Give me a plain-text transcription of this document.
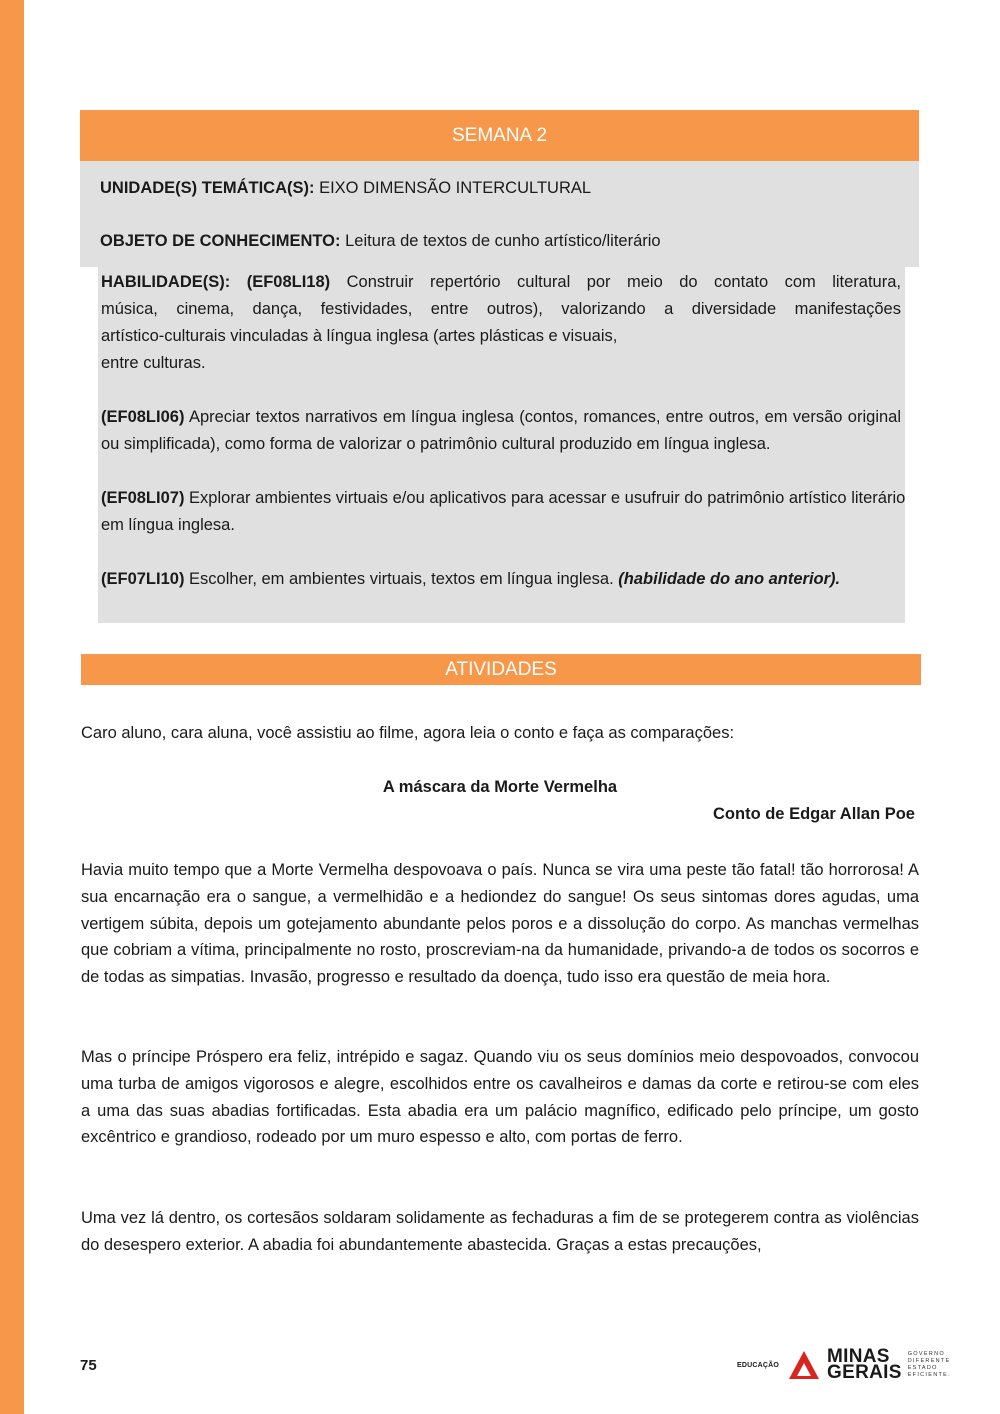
SEMANA 2
UNIDADE(S) TEMÁTICA(S): EIXO DIMENSÃO INTERCULTURAL
OBJETO DE CONHECIMENTO: Leitura de textos de cunho artístico/literário

HABILIDADE(S): (EF08LI18) Construir repertório cultural por meio do contato com literatura,

música, cinema, dança, festividades, entre outros), valorizando a diversidade manifestações

artístico-culturais vinculadas à língua inglesa (artes plásticas e visuais,

entre culturas.

(EF08LI06) Apreciar textos narrativos em língua inglesa (contos, romances, entre outros, em versão original ou simplificada), como forma de valorizar o patrimônio cultural produzido em língua inglesa.

(EF08LI07) Explorar ambientes virtuais e/ou aplicativos para acessar e usufruir do patrimônio artístico literário em língua inglesa.

(EF07LI10) Escolher, em ambientes virtuais, textos em língua inglesa. (habilidade do ano anterior).

ATIVIDADES
Caro aluno, cara aluna, você assistiu ao filme, agora leia o conto e faça as comparações:
A máscara da Morte Vermelha
Conto de Edgar Allan Poe

Havia muito tempo que a Morte Vermelha despovoava o país. Nunca se vira uma peste tão fatal! tão horrorosa! A sua encarnação era o sangue, a vermelhidão e a hediondez do sangue! Os seus sintomas dores agudas, uma vertigem súbita, depois um gotejamento abundante pelos poros e a dissolução do corpo. As manchas vermelhas que cobriam a vítima, principalmente no rosto, proscreviam-na da humanidade, privando-a de todos os socorros e de todas as simpatias. Invasão, progresso e resultado da doença, tudo isso era questão de meia hora.

Mas o príncipe Próspero era feliz, intrépido e sagaz. Quando viu os seus domínios meio despovoados, convocou uma turba de amigos vigorosos e alegre, escolhidos entre os cavalheiros e damas da corte e retirou-se com eles a uma das suas abadias fortificadas. Esta abadia era um palácio magnífico, edificado pelo príncipe, um gosto excêntrico e grandioso, rodeado por um muro espesso e alto, com portas de ferro.

Uma vez lá dentro, os cortesãos soldaram solidamente as fechaduras a fim de se protegerem contra as violências do desespero exterior. A abadia foi abundantemente abastecida. Graças a estas precauções,

75	EDUCAÇÃO	MINAS
GERAIS
GOVERNO
DIFERENTE
ESTADO
EFICIENTE.
